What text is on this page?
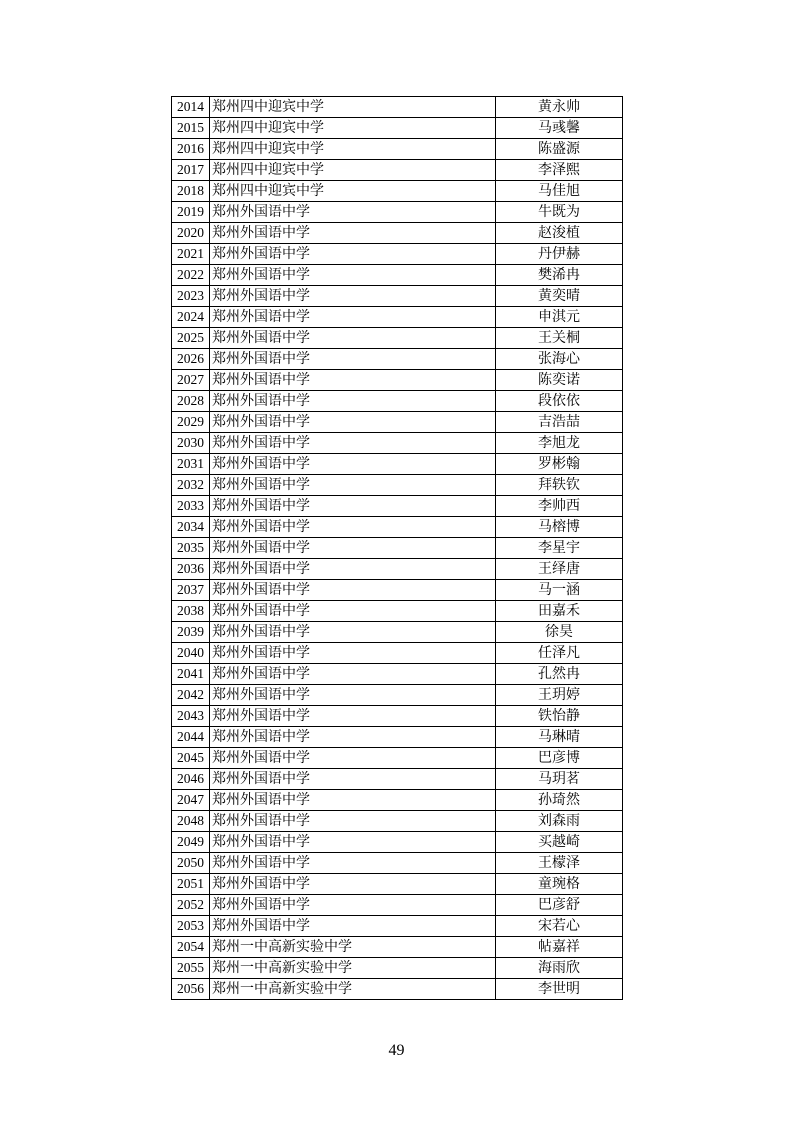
2014	郑州四中迎宾中学	黄永帅
2015	郑州四中迎宾中学	马彧馨
2016	郑州四中迎宾中学	陈盛源
2017	郑州四中迎宾中学	李泽熙
2018	郑州四中迎宾中学	马佳旭
2019	郑州外国语中学	牛既为
2020	郑州外国语中学	赵浚植
2021	郑州外国语中学	丹伊赫
2022	郑州外国语中学	樊浠冉
2023	郑州外国语中学	黄奕晴
2024	郑州外国语中学	申淇元
2025	郑州外国语中学	王关桐
2026	郑州外国语中学	张海心
2027	郑州外国语中学	陈奕诺
2028	郑州外国语中学	段依依
2029	郑州外国语中学	吉浩喆
2030	郑州外国语中学	李旭龙
2031	郑州外国语中学	罗彬翰
2032	郑州外国语中学	拜轶钦
2033	郑州外国语中学	李帅西
2034	郑州外国语中学	马榕博
2035	郑州外国语中学	李星宇
2036	郑州外国语中学	王绎唐
2037	郑州外国语中学	马一涵
2038	郑州外国语中学	田嘉禾
2039	郑州外国语中学	徐昊
2040	郑州外国语中学	任泽凡
2041	郑州外国语中学	孔然冉
2042	郑州外国语中学	王玥婷
2043	郑州外国语中学	铁怡静
2044	郑州外国语中学	马琳晴
2045	郑州外国语中学	巴彦博
2046	郑州外国语中学	马玥茗
2047	郑州外国语中学	孙琦然
2048	郑州外国语中学	刘森雨
2049	郑州外国语中学	买越崎
2050	郑州外国语中学	王檬泽
2051	郑州外国语中学	童琬格
2052	郑州外国语中学	巴彦舒
2053	郑州外国语中学	宋若心
2054	郑州一中高新实验中学	帖嘉祥
2055	郑州一中高新实验中学	海雨欣
2056	郑州一中高新实验中学	李世明
49
